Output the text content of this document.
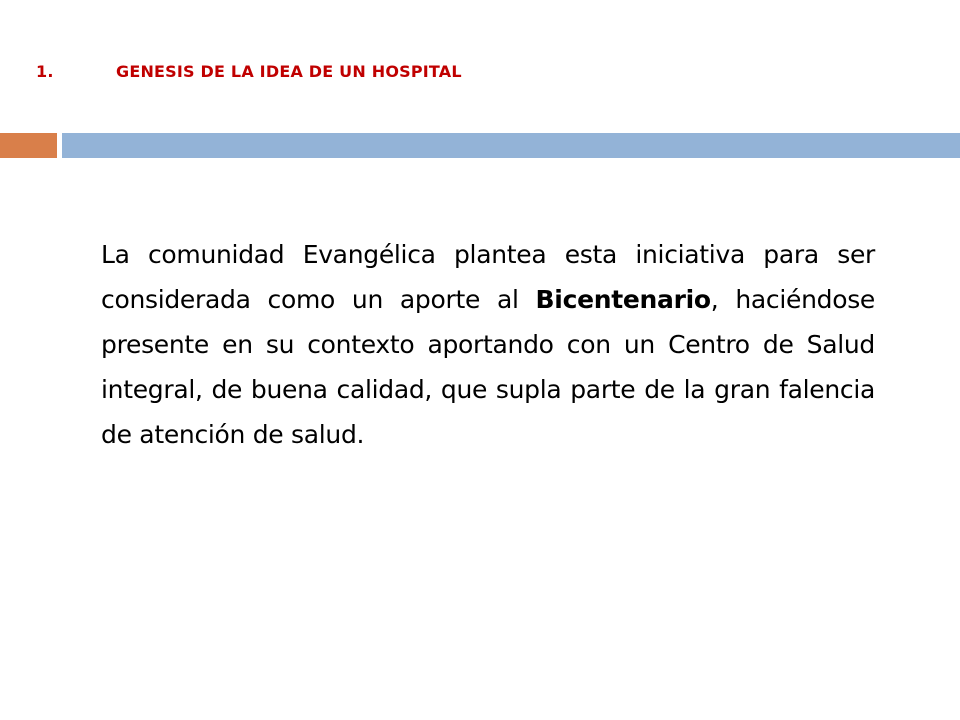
1.	GENESIS DE LA IDEA DE UN HOSPITAL

La comunidad Evangélica plantea esta iniciativa para ser considerada como un aporte al Bicentenario, haciéndose presente en su contexto aportando con un Centro de Salud integral, de buena calidad, que supla parte de la gran falencia de atención de salud.
